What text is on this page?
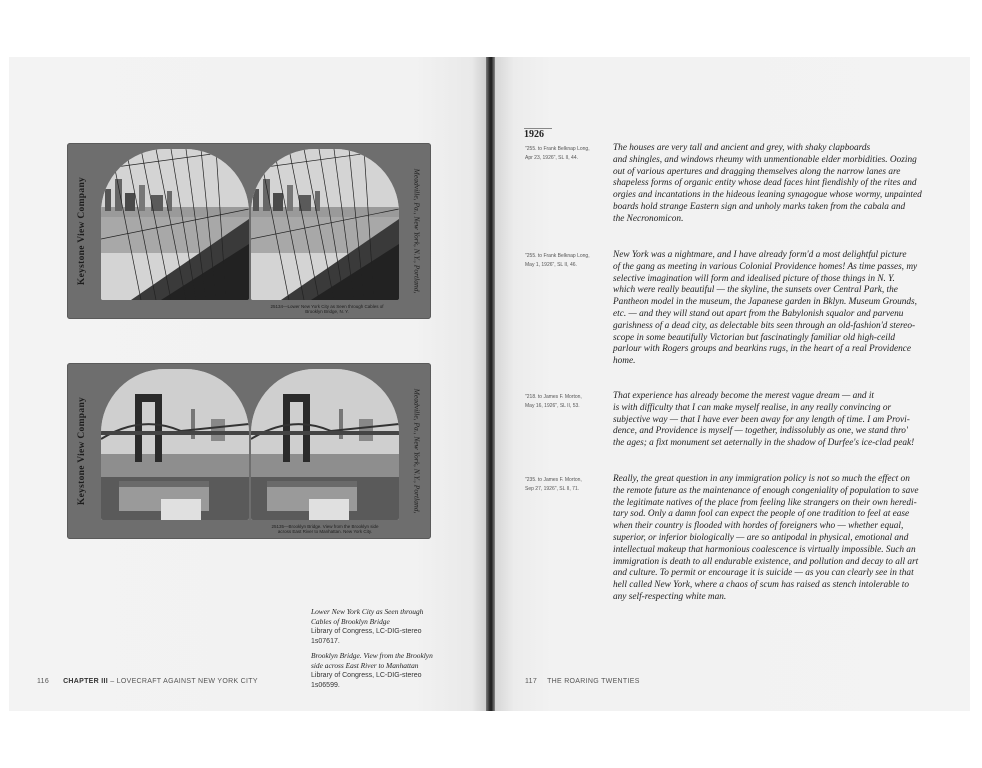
Keystone View Company	Meadville, Pa., New York, N.Y., Portland,
25134—Lower New York City as Seen through Cables of
Brooklyn Bridge, N. Y.
Keystone View Company	Meadville, Pa., New York, N.Y., Portland,
25135—Brooklyn Bridge. View from the Brooklyn side
across East River to Manhattan. New York City.
Lower New York City as Seen through
Cables of Brooklyn Bridge
Library of Congress, LC-DIG-stereo
1s07617.
Brooklyn Bridge. View from the Brooklyn
side across East River to Manhattan
Library of Congress, LC-DIG-stereo
1s06599.
116 CHAPTER III – LOVECRAFT AGAINST NEW YORK CITY
1926
"255. to Frank Belknap Long,
Apr 23, 1926", SL II, 44.
The houses are very tall and ancient and grey, with shaky clapboards
and shingles, and windows rheumy with unmentionable elder morbidities. Oozing
out of various apertures and dragging themselves along the narrow lanes are
shapeless forms of organic entity whose dead faces hint fiendishly of the rites and
orgies and incantations in the hideous leaning synagogue whose wormy, unpainted
boards hold strange Eastern sign and unholy marks taken from the cabala and
the Necronomicon.
"255. to Frank Belknap Long,
May 1, 1926", SL II, 46.
New York was a nightmare, and I have already form'd a most delightful picture
of the gang as meeting in various Colonial Providence homes! As time passes, my
selective imagination will form and idealised picture of those things in N. Y.
which were really beautiful — the skyline, the sunsets over Central Park, the
Pantheon model in the museum, the Japanese garden in Bklyn. Museum Grounds,
etc. — and they will stand out apart from the Babylonish squalor and parvenu
garishness of a dead city, as delectable bits seen through an old-fashion'd stereo-
scope in some beautifully Victorian but fascinatingly familiar old high-ceild
parlour with Rogers groups and bearkins rugs, in the heart of a real Providence
home.
"218. to James F. Morton,
May 16, 1926", SL II, 53.
That experience has already become the merest vague dream — and it
is with difficulty that I can make myself realise, in any really convincing or
subjective way — that I have ever been away for any length of time. I am Provi-
dence, and Providence is myself — together, indissolubly as one, we stand thro'
the ages; a fixt monument set aeternally in the shadow of Durfee's ice-clad peak!
"235. to James F. Morton,
Sep 27, 1926", SL II, 71.
Really, the great question in any immigration policy is not so much the effect on
the remote future as the maintenance of enough congeniality of population to save
the legitimate natives of the place from feeling like strangers on their own heredi-
tary sod. Only a damn fool can expect the people of one tradition to feel at ease
when their country is flooded with hordes of foreigners who — whether equal,
superior, or inferior biologically — are so antipodal in physical, emotional and
intellectual makeup that harmonious coalescence is virtually impossible. Such an
immigration is death to all endurable existence, and pollution and decay to all art
and culture. To permit or encourage it is suicide — as you can clearly see in that
hell called New York, where a chaos of scum has raised as stench intolerable to
any self-respecting white man.
117 THE ROARING TWENTIES
